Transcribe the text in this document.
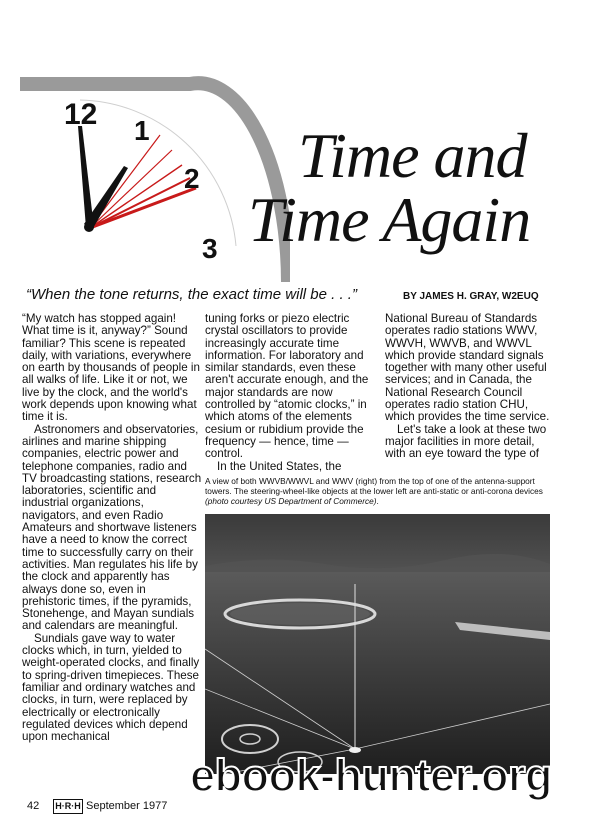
12 1
2
3
Time and
Time Again
“When the tone returns, the exact time will be . . .”	BY JAMES H. GRAY, W2EUQ

“My watch has stopped again! What time is it, anyway?” Sound familiar? This scene is repeated daily, with variations, everywhere on earth by thousands of people in all walks of life. Like it or not, we live by the clock, and the world's work depends upon knowing what time it is.

Astronomers and observatories, airlines and marine shipping companies, electric power and telephone companies, radio and TV broadcasting stations, research laboratories, scientific and industrial organizations, navigators, and even Radio Amateurs and shortwave listeners have a need to know the correct time to successfully carry on their activities. Man regulates his life by the clock and apparently has always done so, even in prehistoric times, if the pyramids, Stonehenge, and Mayan sundials and calendars are meaningful.

Sundials gave way to water clocks which, in turn, yielded to weight-operated clocks, and finally to spring-driven timepieces. These familiar and ordinary watches and clocks, in turn, were replaced by electrically or electronically regulated devices which depend upon mechanical

tuning forks or piezo electric crystal oscillators to provide increasingly accurate time information. For laboratory and similar standards, even these aren't accurate enough, and the major standards are now controlled by “atomic clocks,” in which atoms of the elements cesium or rubidium provide the frequency — hence, time — control.

In the United States, the

National Bureau of Standards operates radio stations WWV, WWVH, WWVB, and WWVL which provide standard signals together with many other useful services; and in Canada, the National Research Council operates radio station CHU, which provides the time service.

Let's take a look at these two major facilities in more detail, with an eye toward the type of

A view of both WWVB/WWVL and WWV (right) from the top of one of the antenna-support towers. The steering-wheel-like objects at the lower left are anti-static or anti-corona devices (photo courtesy US Department of Commerce).
42 H·R·H September 1977
ebook-hunter.org
